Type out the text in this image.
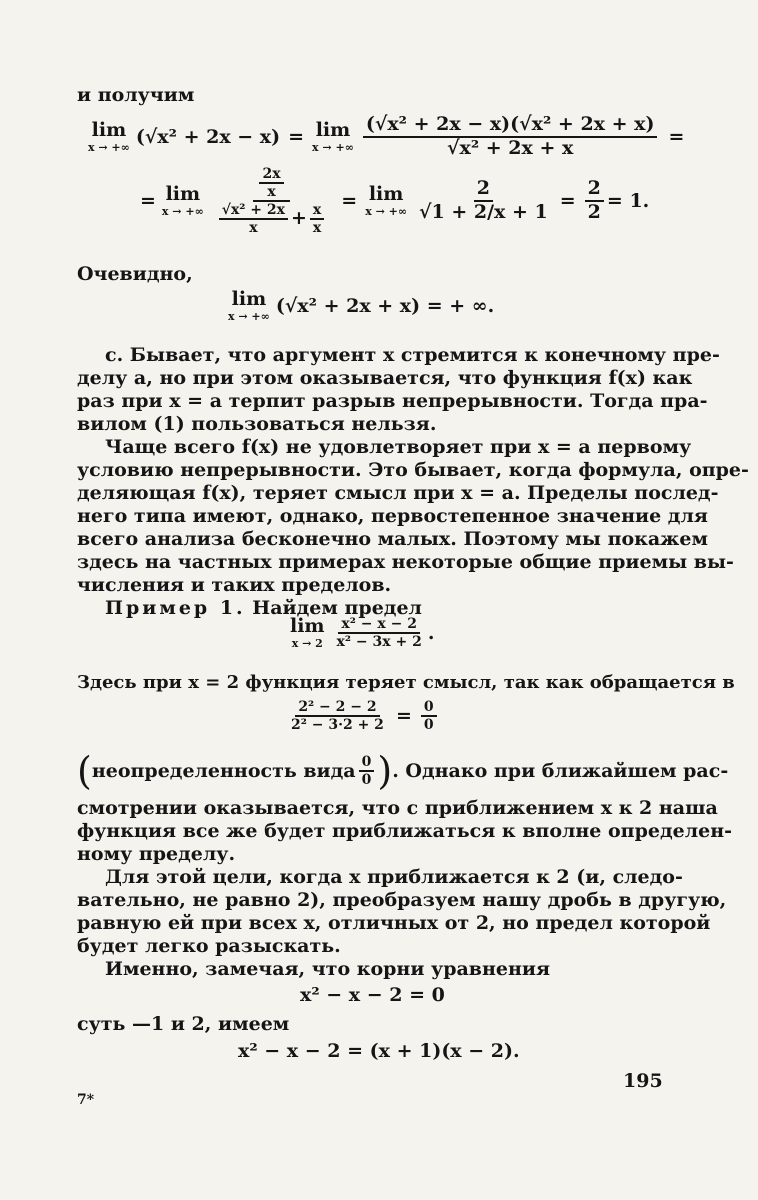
и получим
lim
x → +∞ (√x² + 2x − x) = lim
x → +∞ $\frac{\text{(√x² + 2x − x)(√x² + 2x + x)}}{\text{√x² + 2x + x}}$ =
= lim
x → +∞
$\frac{2x}{x}$
$\frac{\text{√x² + 2x}}{x} + \frac{x}{x}$
= lim
x → +∞ $\frac{2}{√1 + 2/x + 1} = \frac{2}{2} = 1$.
Очевидно,
lim
x → +∞ (√x² + 2x + x) = + ∞.
с. Бывает, что аргумент x стремится к конечному пре-
делу a, но при этом оказывается, что функция f(x) как
раз при x = a терпит разрыв непрерывности. Тогда пра-
вилом (1) пользоваться нельзя.
Чаще всего f(x) не удовлетворяет при x = a первому
условию непрерывности. Это бывает, когда формула, опре-
деляющая f(x), теряет смысл при x = a. Пределы послед-
него типа имеют, однако, первостепенное значение для
всего анализа бесконечно малых. Поэтому мы покажем
здесь на частных примерах некоторые общие приемы вы-
числения и таких пределов.
Пример 1. Найдем предел
lim
$x \to 2 \frac{\text{x² − x − 2}}{\text{x² − 3x + 2}}$ .
Здесь при x = 2 функция теряет смысл, так как обращается в
$\frac{\text{2² − 2 − 2}}{\text{2² − 3·2 + 2}} = \frac{0}{0}$
( неопределенность вида $\frac{0}{0}$ ) . Однако при ближайшем рас-
смотрении оказывается, что с приближением x к 2 наша
функция все же будет приближаться к вполне определен-
ному пределу.
Для этой цели, когда x приближается к 2 (и, следо-
вательно, не равно 2), преобразуем нашу дробь в другую,
равную ей при всех x, отличных от 2, но предел которой
будет легко разыскать.
Именно, замечая, что корни уравнения
x² − x − 2 = 0
суть —1 и 2, имеем
x² − x − 2 = (x + 1)(x − 2).
195
7*
